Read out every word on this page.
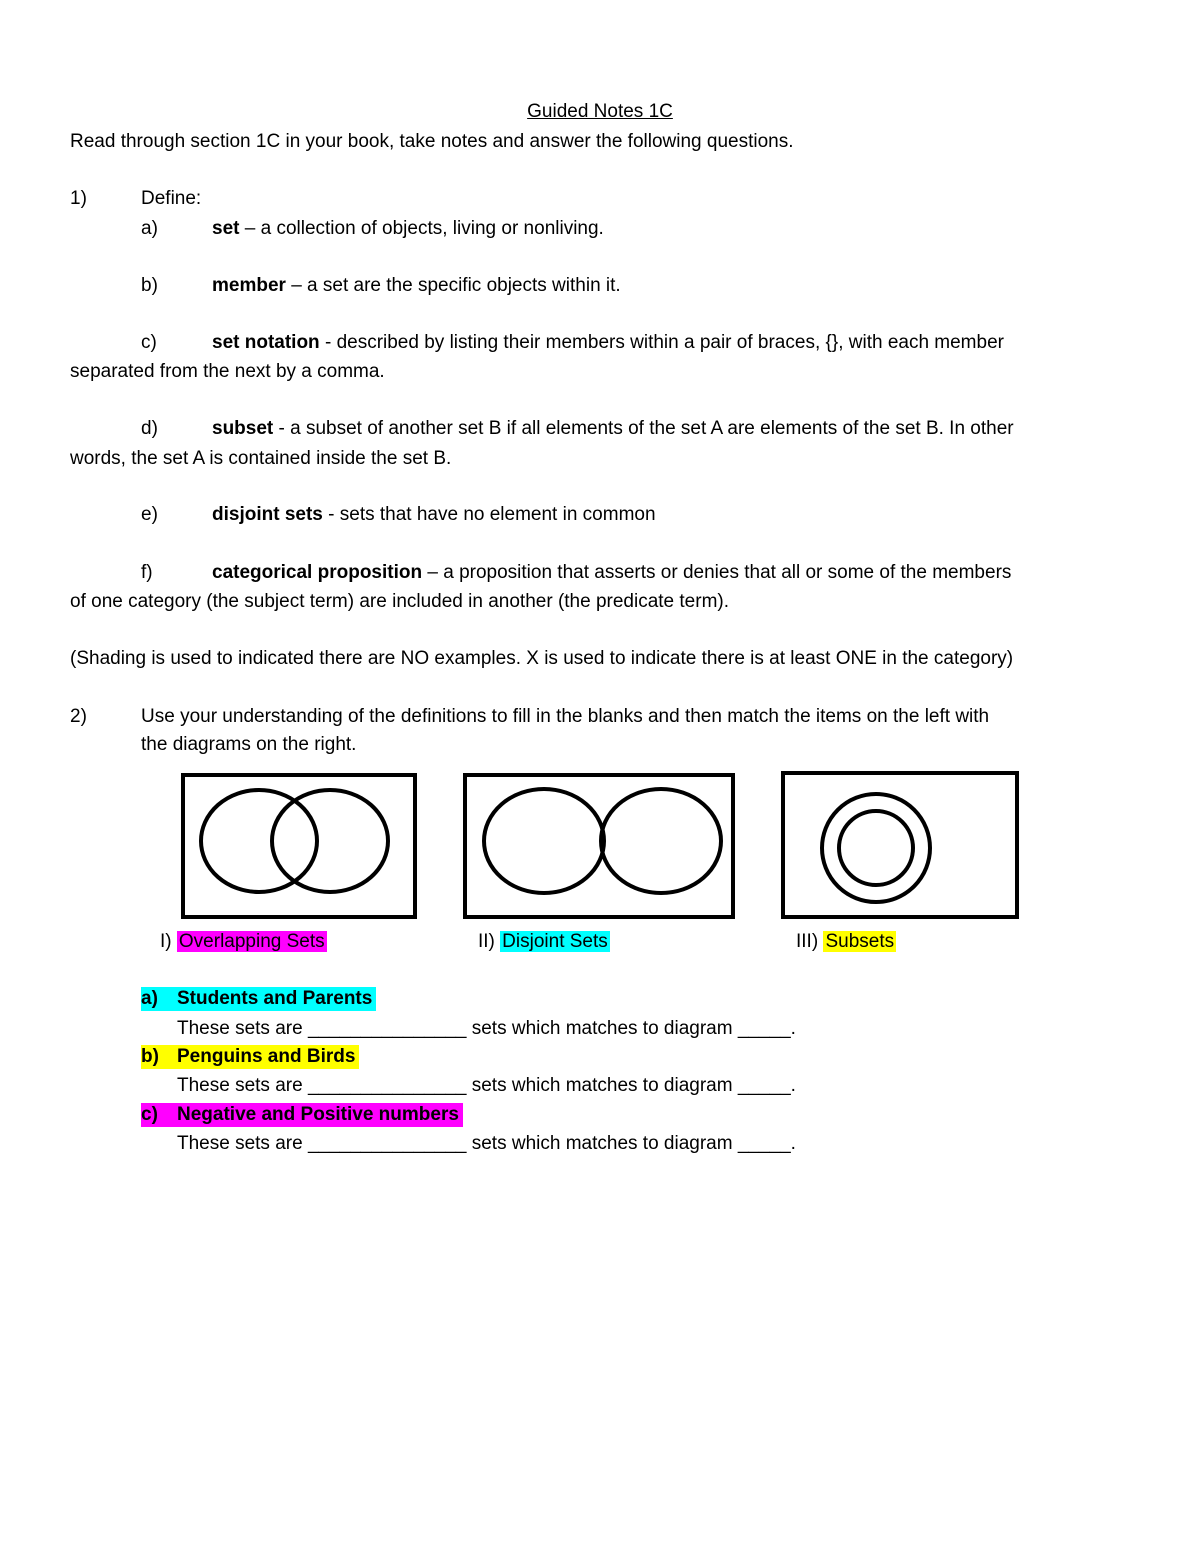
Guided Notes 1C
Read through section 1C in your book, take notes and answer the following questions.
1)	Define:
a)	set – a collection of objects, living or nonliving.
b)	member – a set are the specific objects within it.
c)	set notation - described by listing their members within a pair of braces, {}, with each member
separated from the next by a comma.
d)	subset - a subset of another set B if all elements of the set A are elements of the set B. In other
words, the set A is contained inside the set B.
e)	disjoint sets - sets that have no element in common
f)	categorical proposition – a proposition that asserts or denies that all or some of the members
of one category (the subject term) are included in another (the predicate term).
(Shading is used to indicated there are NO examples. X is used to indicate there is at least ONE in the category)
2)	Use your understanding of the definitions to fill in the blanks and then match the items on the left with
the diagrams on the right.
I) Overlapping Sets	II) Disjoint Sets	III) Subsets
a) Students and Parents
These sets are _______________ sets which matches to diagram _____.
b) Penguins and Birds
These sets are _______________ sets which matches to diagram _____.
c) Negative and Positive numbers
These sets are _______________ sets which matches to diagram _____.
